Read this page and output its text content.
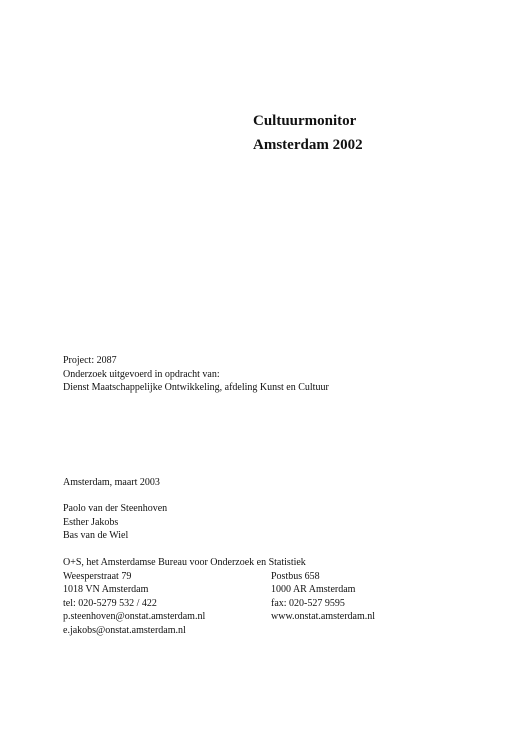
Cultuurmonitor
Amsterdam 2002
Project: 2087
Onderzoek uitgevoerd in opdracht van:
Dienst Maatschappelijke Ontwikkeling, afdeling Kunst en Cultuur
Amsterdam, maart 2003
Paolo van der Steenhoven
Esther Jakobs
Bas van de Wiel
O+S, het Amsterdamse Bureau voor Onderzoek en Statistiek
Weesperstraat 79
1018 VN Amsterdam
tel: 020-5279 532 / 422
p.steenhoven@onstat.amsterdam.nl
e.jakobs@onstat.amsterdam.nl
Postbus 658
1000 AR Amsterdam
fax: 020-527 9595
www.onstat.amsterdam.nl
